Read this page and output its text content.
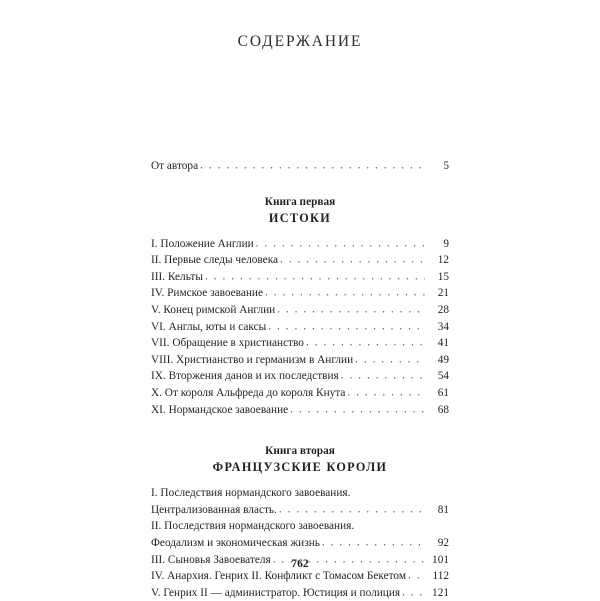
СОДЕРЖАНИЕ
От автора . . .	5
Книга первая
ИСТОКИ
I. Положение Англии . . .	9
II. Первые следы человека . . .	12
III. Кельты . . .	15
IV. Римское завоевание . . .	21
V. Конец римской Англии . . .	28
VI. Англы, юты и саксы . . .	34
VII. Обращение в христианство . . .	41
VIII. Христианство и германизм в Англии . . .	49
IX. Вторжения данов и их последствия . . .	54
X. От короля Альфреда до короля Кнута . . .	61
XI. Нормандское завоевание . . .	68
Книга вторая
ФРАНЦУЗСКИЕ КОРОЛИ
I. Последствия нормандского завоевания.
Централизованная власть. . . .	81
II. Последствия нормандского завоевания.
Феодализм и экономическая жизнь . . .	92
III. Сыновья Завоевателя . . .	101
IV. Анархия. Генрих II. Конфликт с Томасом Бекетом . . .	112
V. Генрих II — администратор. Юстиция и полиция . . .	121
762
